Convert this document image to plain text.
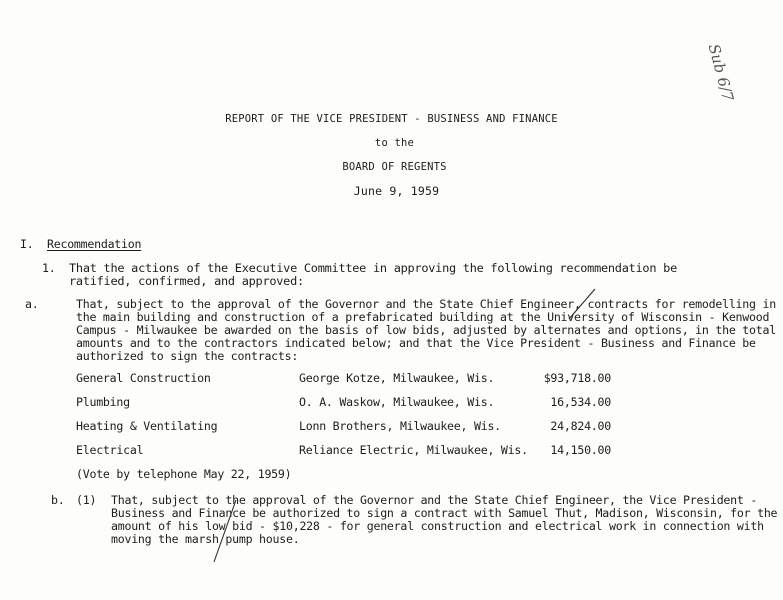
Sub 6/7
REPORT OF THE VICE PRESIDENT - BUSINESS AND FINANCE
to the
BOARD OF REGENTS
June 9, 1959
I. Recommendation
1. That the actions of the Executive Committee in approving the following recommendation be
ratified, confirmed, and approved:
a.	That, subject to the approval of the Governor and the State Chief Engineer, contracts for remodelling in
the main building and construction of a prefabricated building at the University of Wisconsin - Kenwood
Campus - Milwaukee be awarded on the basis of low bids, adjusted by alternates and options, in the total
amounts and to the contractors indicated below; and that the Vice President - Business and Finance be
authorized to sign the contracts:
General Construction	George Kotze, Milwaukee, Wis.	$93,718.00
Plumbing	O. A. Waskow, Milwaukee, Wis.	16,534.00
Heating & Ventilating	Lonn Brothers, Milwaukee, Wis.	24,824.00
Electrical	Reliance Electric, Milwaukee, Wis.	14,150.00
(Vote by telephone May 22, 1959)
b. (1) That, subject to the approval of the Governor and the State Chief Engineer, the Vice President -
Business and Finance be authorized to sign a contract with Samuel Thut, Madison, Wisconsin, for the
amount of his low bid - $10,228 - for general construction and electrical work in connection with
moving the marsh pump house.
